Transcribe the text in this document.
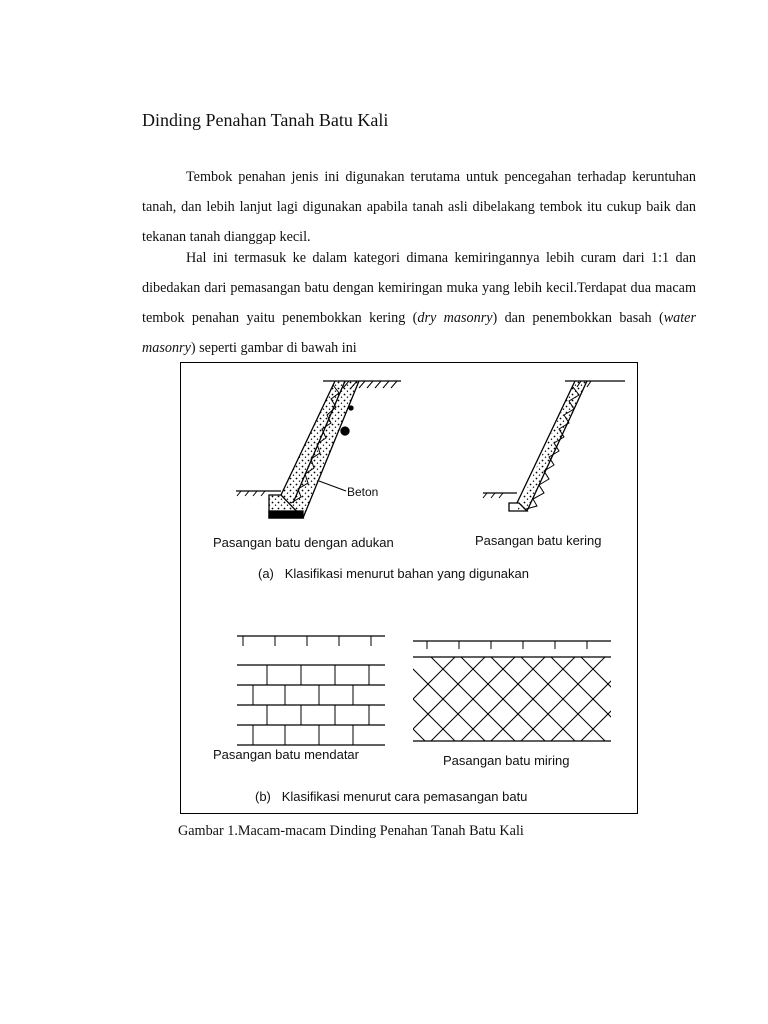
Dinding Penahan Tanah Batu Kali

Tembok penahan jenis ini digunakan terutama untuk pencegahan terhadap keruntuhan tanah, dan lebih lanjut lagi digunakan apabila tanah asli dibelakang tembok itu cukup baik dan tekanan tanah dianggap kecil.

Hal ini termasuk ke dalam kategori dimana kemiringannya lebih curam dari 1:1 dan dibedakan dari pemasangan batu dengan kemiringan muka yang lebih kecil.Terdapat dua macam tembok penahan yaitu penembokkan kering (dry masonry) dan penembokkan basah (water masonry) seperti gambar di bawah ini

Beton
Pasangan batu dengan adukan	Pasangan batu kering
(a)   Klasifikasi menurut bahan yang digunakan
Pasangan batu mendatar	Pasangan batu miring
(b)   Klasifikasi menurut cara pemasangan batu

Gambar 1.Macam-macam Dinding Penahan Tanah Batu Kali
